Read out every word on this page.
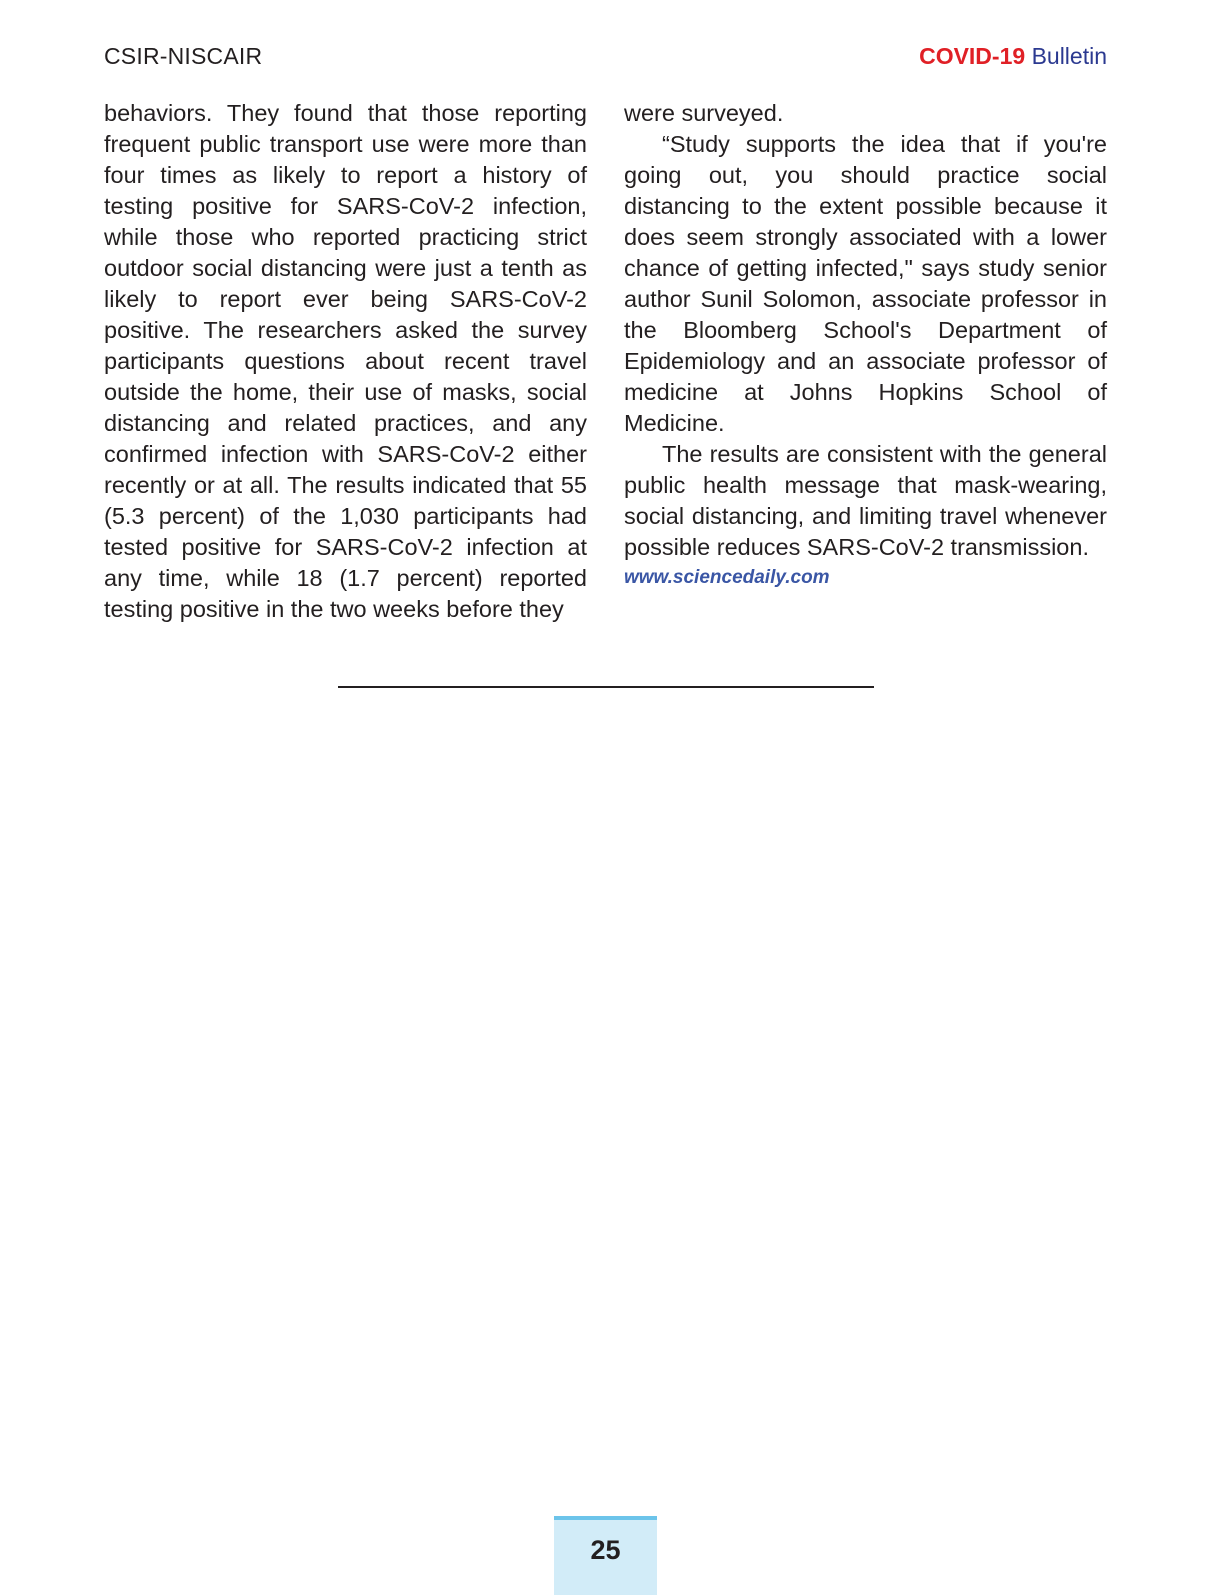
CSIR-NISCAIR	COVID-19 Bulletin

behaviors. They found that those reporting frequent public transport use were more than four times as likely to report a history of testing positive for SARS-CoV-2 infection, while those who reported practicing strict outdoor social distancing were just a tenth as likely to report ever being SARS-CoV-2 positive. The researchers asked the survey participants questions about recent travel outside the home, their use of masks, social distancing and related practices, and any confirmed infection with SARS-CoV-2 either recently or at all. The results indicated that 55 (5.3 percent) of the 1,030 participants had tested positive for SARS-CoV-2 infection at any time, while 18 (1.7 percent) reported testing positive in the two weeks before they

were surveyed.

“Study supports the idea that if you're going out, you should practice social distancing to the extent possible because it does seem strongly associated with a lower chance of getting infected," says study senior author Sunil Solomon, associate professor in the Bloomberg School's Department of Epidemiology and an associate professor of medicine at Johns Hopkins School of Medicine.

The results are consistent with the general public health message that mask-wearing, social distancing, and limiting travel whenever possible reduces SARS-CoV-2 transmission.

www.sciencedaily.com
25
